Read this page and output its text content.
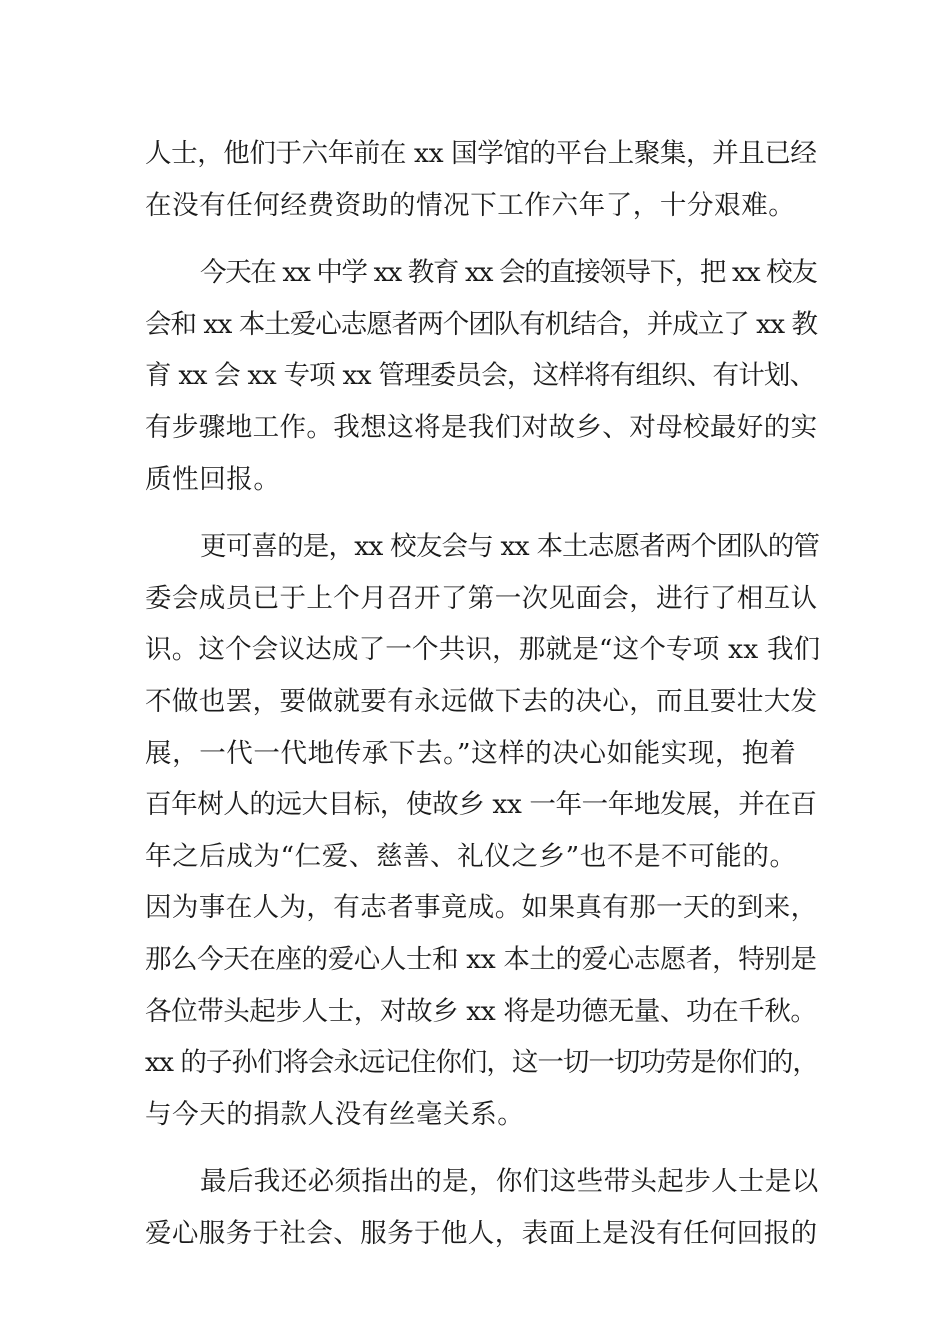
人士，他们于六年前在 xx 国学馆的平台上聚集，并且已经
在没有任何经费资助的情况下工作六年了，十分艰难。

今天在 xx 中学 xx 教育 xx 会的直接领导下，把 xx 校友
会和 xx 本土爱心志愿者两个团队有机结合，并成立了 xx 教
育 xx 会 xx 专项 xx 管理委员会，这样将有组织、有计划、
有步骤地工作。我想这将是我们对故乡、对母校最好的实
质性回报。

更可喜的是，xx 校友会与 xx 本土志愿者两个团队的管
委会成员已于上个月召开了第一次见面会，进行了相互认
识。这个会议达成了一个共识，那就是“这个专项 xx 我们
不做也罢，要做就要有永远做下去的决心，而且要壮大发
展，一代一代地传承下去。”这样的决心如能实现，抱着
百年树人的远大目标，使故乡 xx 一年一年地发展，并在百
年之后成为“仁爱、慈善、礼仪之乡”也不是不可能的。
因为事在人为，有志者事竟成。如果真有那一天的到来，
那么今天在座的爱心人士和 xx 本土的爱心志愿者，特别是
各位带头起步人士，对故乡 xx 将是功德无量、功在千秋。
xx 的子孙们将会永远记住你们，这一切一切功劳是你们的，
与今天的捐款人没有丝毫关系。

最后我还必须指出的是，你们这些带头起步人士是以
爱心服务于社会、服务于他人，表面上是没有任何回报的
